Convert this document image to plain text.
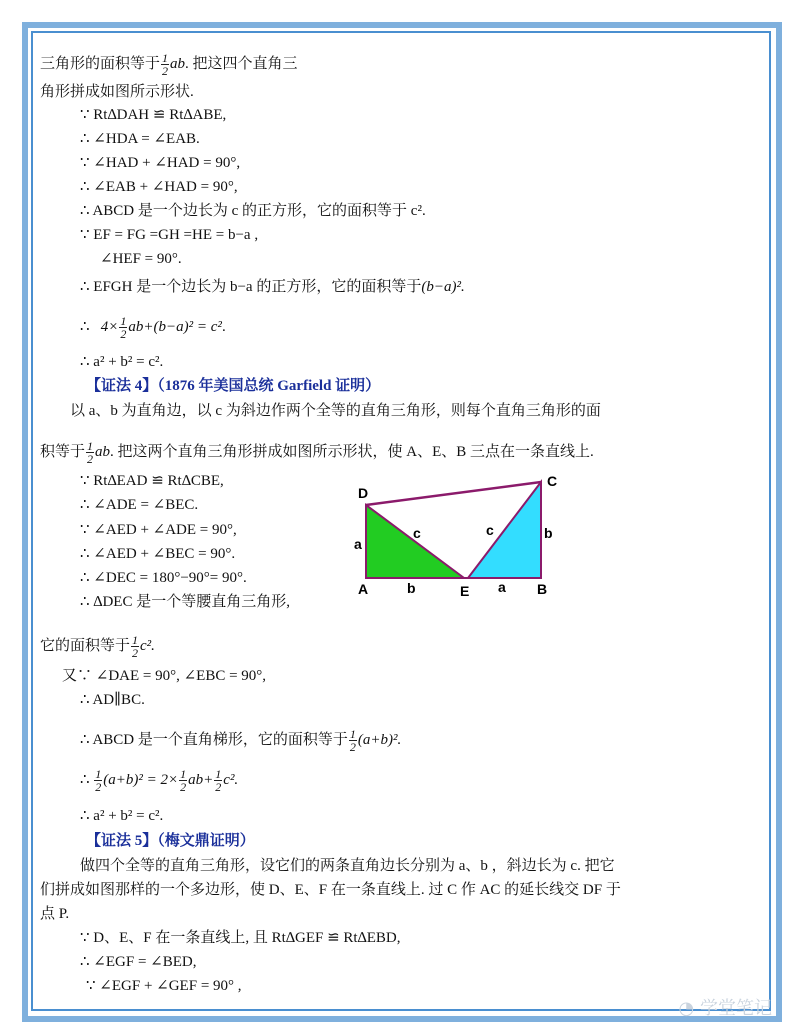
三角形的面积等于 $\frac{1}{2}$ ab. 把这四个直角三
角形拼成如图所示形状.
∵ Rt∆DAH ≌ Rt∆ABE,
∴ ∠HDA = ∠EAB.
∵ ∠HAD + ∠HAD = 90°,
∴ ∠EAB + ∠HAD = 90°,
∴ ABCD 是一个边长为 c 的正方形，它的面积等于 c².
∵ EF = FG =GH =HE = b−a ,
∠HEF = 90°.
∴ EFGH 是一个边长为 b−a 的正方形，它的面积等于(b−a)².
∴ $4\times \frac{1}{2} ab+(b-a)^2 = c^2$.
∴ a² + b² = c².
【证法 4】（1876 年美国总统 Garfield 证明）
以 a、b 为直角边，以 c 为斜边作两个全等的直角三角形，则每个直角三角形的面
积等于 $\frac{1}{2}$ ab. 把这两个直角三角形拼成如图所示形状，使 A、E、B 三点在一条直线上.
∵ Rt∆EAD ≌ Rt∆CBE,
∴ ∠ADE = ∠BEC.
∵ ∠AED + ∠ADE = 90°,
∴ ∠AED + ∠BEC = 90°.
∴ ∠DEC = 180°−90°= 90°.
∴ ∆DEC 是一个等腰直角三角形,
它的面积等于 $\frac{1}{2} c^2$.
又∵ ∠DAE = 90°, ∠EBC = 90°,
∴ AD∥BC.
∴ ABCD 是一个直角梯形，它的面积等于 $\frac{1}{2} (a+b)^2$.
∴ $\frac{1}{2} (a+b)^2 = 2\times \frac{1}{2} ab+ \frac{1}{2} c^2$.
∴ a² + b² = c².
【证法 5】（梅文鼎证明）
做四个全等的直角三角形，设它们的两条直角边长分别为 a、b ，斜边长为 c. 把它
们拼成如图那样的一个多边形，使 D、E、F 在一条直线上. 过 C 作 AC 的延长线交 DF 于
点 P.
∵ D、E、F 在一条直线上, 且 Rt∆GEF ≌ Rt∆EBD,
∴ ∠EGF = ∠BED,
∵ ∠EGF + ∠GEF = 90° ,
D
C
A	E	B
a
b
c
a
b
c
◔ 学堂笔记
